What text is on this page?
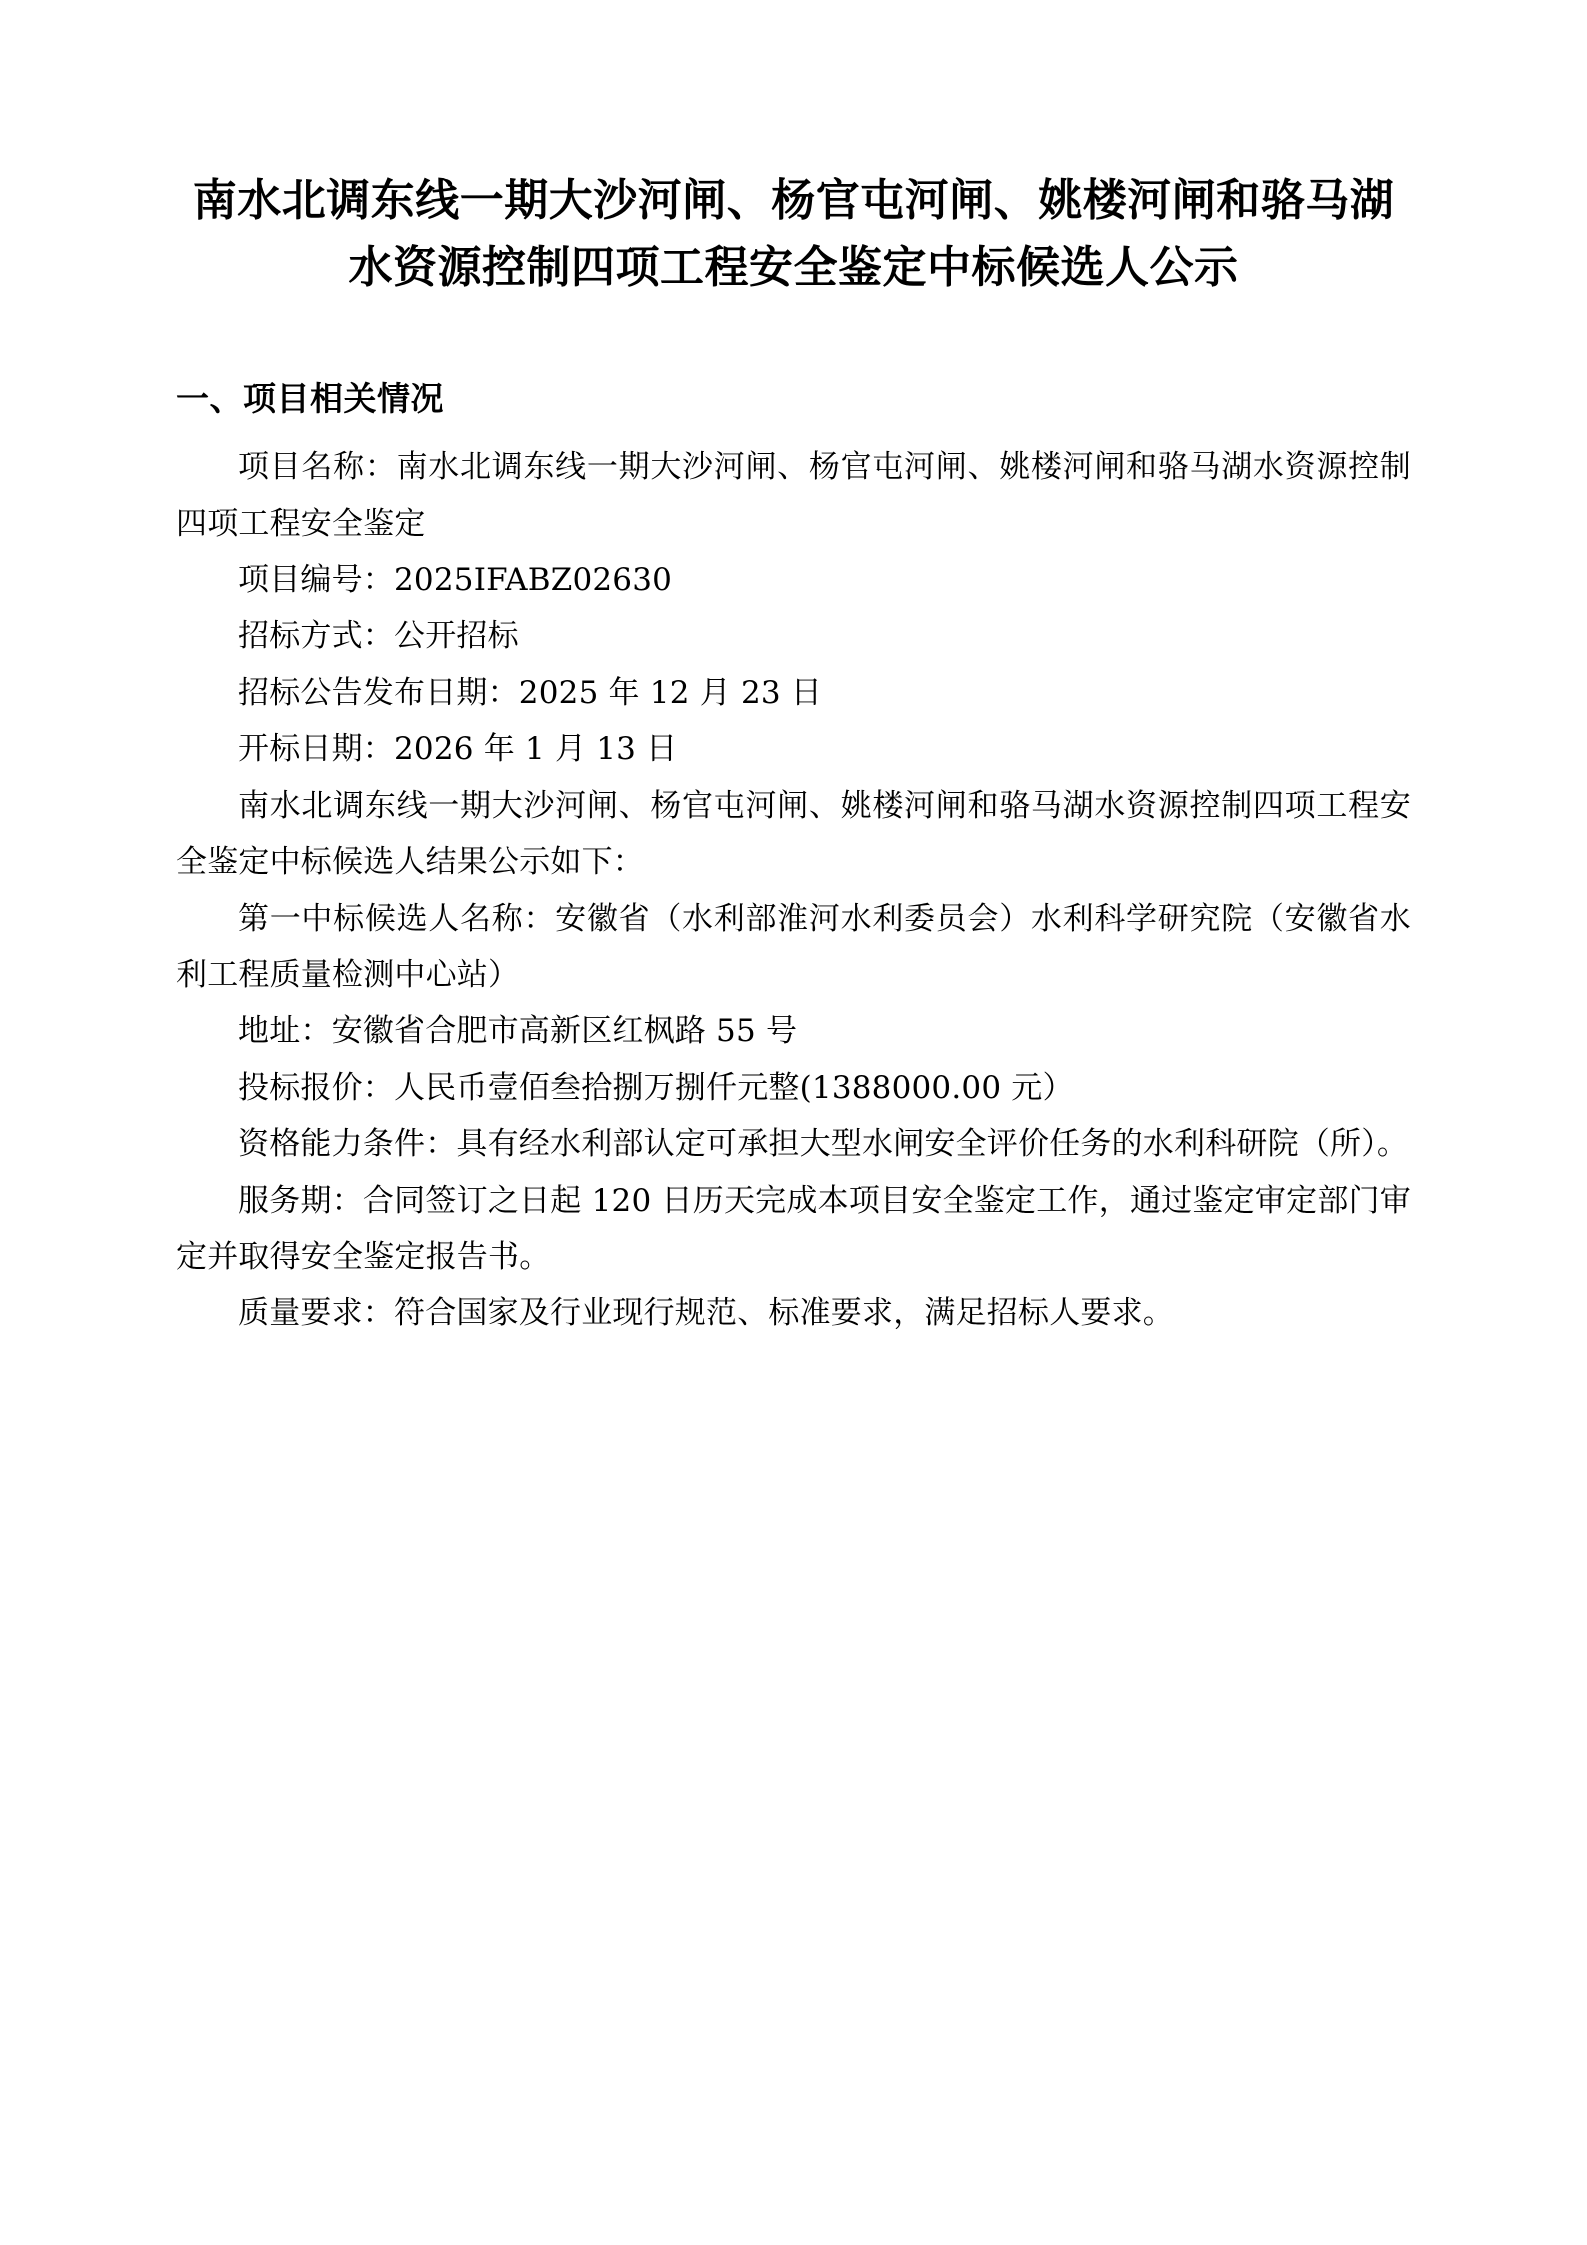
南水北调东线一期大沙河闸、杨官屯河闸、姚楼河闸和骆马湖水资源控制四项工程安全鉴定中标候选人公示
一、项目相关情况

项目名称：南水北调东线一期大沙河闸、杨官屯河闸、姚楼河闸和骆马湖水资源控制四项工程安全鉴定

项目编号：2025IFABZ02630

招标方式：公开招标

招标公告发布日期：2025 年 12 月 23 日

开标日期：2026 年 1 月 13 日

南水北调东线一期大沙河闸、杨官屯河闸、姚楼河闸和骆马湖水资源控制四项工程安全鉴定中标候选人结果公示如下：

第一中标候选人名称：安徽省（水利部淮河水利委员会）水利科学研究院（安徽省水利工程质量检测中心站）

地址：安徽省合肥市高新区红枫路 55 号

投标报价：人民币壹佰叁拾捌万捌仟元整(1388000.00 元）

资格能力条件：具有经水利部认定可承担大型水闸安全评价任务的水利科研院（所）。

服务期：合同签订之日起 120 日历天完成本项目安全鉴定工作，通过鉴定审定部门审定并取得安全鉴定报告书。

质量要求：符合国家及行业现行规范、标准要求，满足招标人要求。
